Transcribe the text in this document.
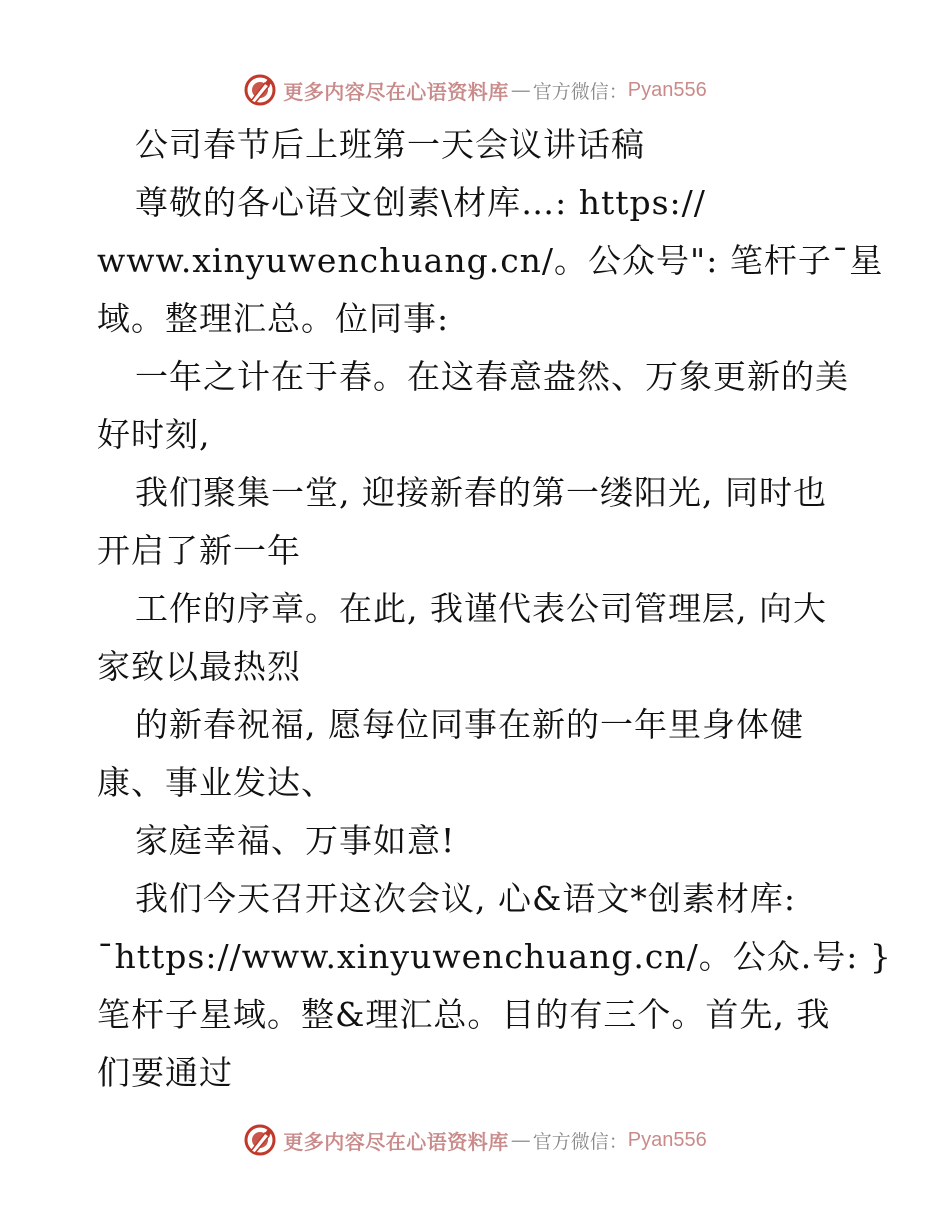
更多内容尽在心语资料库 — 官方微信： Pyan556
公司春节后上班第一天会议讲话稿
尊敬的各心语文创素\材库…: https://
www.xinyuwenchuang.cn/。公众号": 笔杆子¯星
域。整理汇总。位同事:
一年之计在于春。在这春意盎然、万象更新的美
好时刻,
我们聚集一堂, 迎接新春的第一缕阳光, 同时也
开启了新一年
工作的序章。在此, 我谨代表公司管理层, 向大
家致以最热烈
的新春祝福, 愿每位同事在新的一年里身体健
康、事业发达、
家庭幸福、万事如意!
我们今天召开这次会议, 心&语文*创素材库:
¯https://www.xinyuwenchuang.cn/。公众.号: }
笔杆子星域。整&理汇总。目的有三个。首先, 我
们要通过
更多内容尽在心语资料库 — 官方微信： Pyan556
